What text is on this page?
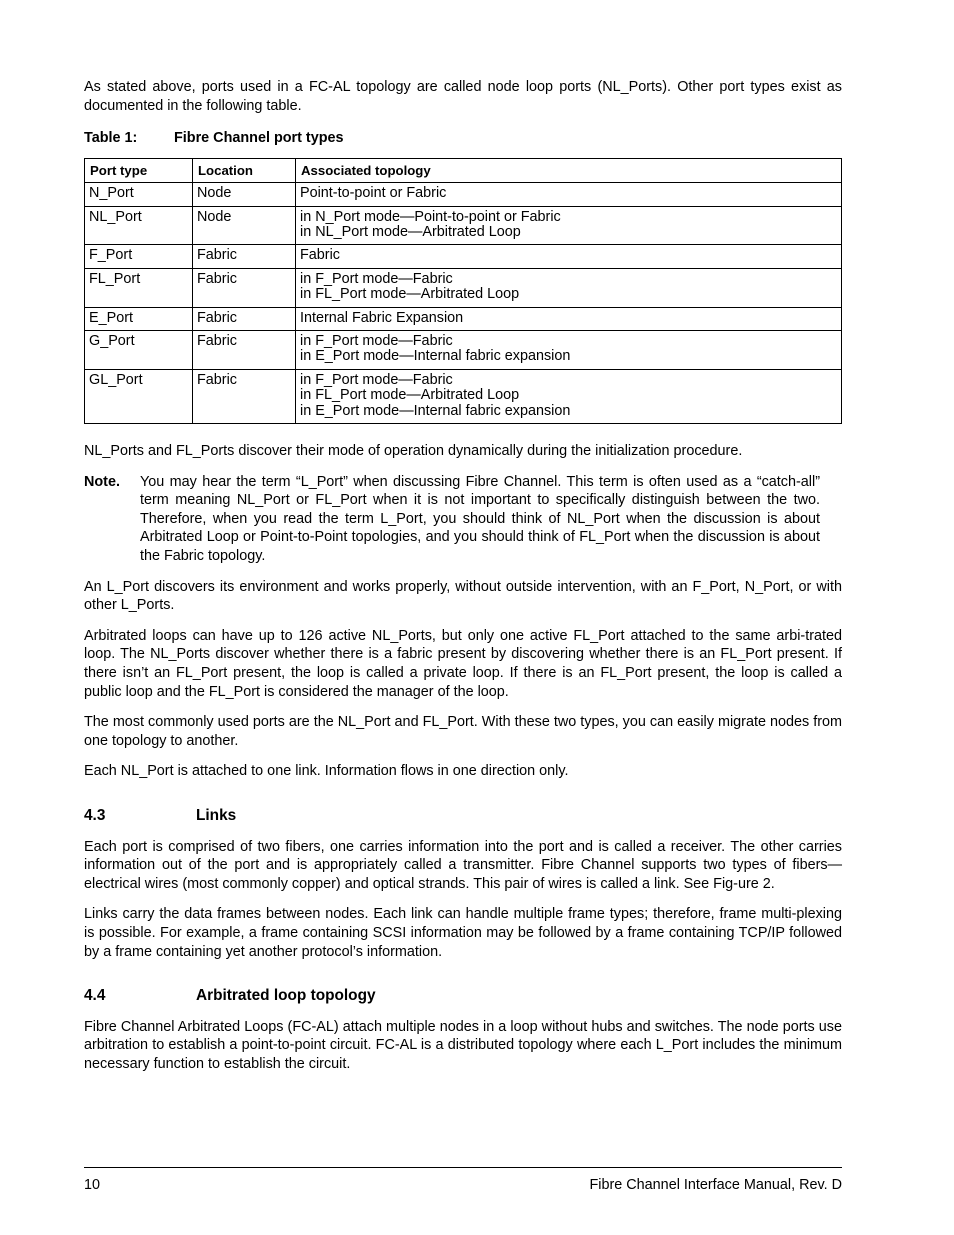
As stated above, ports used in a FC-AL topology are called node loop ports (NL_Ports). Other port types exist as documented in the following table.

Table 1:	Fibre Channel port types
Port type	Location	Associated topology
N_Port	Node	Point-to-point or Fabric

NL_Port	Node	in N_Port mode—Point-to-point or Fabric
in NL_Port mode—Arbitrated Loop

F_Port	Fabric	Fabric

FL_Port	Fabric	in F_Port mode—Fabric
in FL_Port mode—Arbitrated Loop

E_Port	Fabric	Internal Fabric Expansion

G_Port	Fabric	in F_Port mode—Fabric
in E_Port mode—Internal fabric expansion

GL_Port	Fabric	in F_Port mode—Fabric
in FL_Port mode—Arbitrated Loop
in E_Port mode—Internal fabric expansion

NL_Ports and FL_Ports discover their mode of operation dynamically during the initialization procedure.

Note.	You may hear the term “L_Port” when discussing Fibre Channel. This term is often used as a “catch-all” term meaning NL_Port or FL_Port when it is not important to specifically distinguish between the two. Therefore, when you read the term L_Port, you should think of NL_Port when the discussion is about Arbitrated Loop or Point-to-Point topologies, and you should think of FL_Port when the discussion is about the Fabric topology.

An L_Port discovers its environment and works properly, without outside intervention, with an F_Port, N_Port, or with other L_Ports.

Arbitrated loops can have up to 126 active NL_Ports, but only one active FL_Port attached to the same arbi-trated loop. The NL_Ports discover whether there is a fabric present by discovering whether there is an FL_Port present. If there isn’t an FL_Port present, the loop is called a private loop. If there is an FL_Port present, the loop is called a public loop and the FL_Port is considered the manager of the loop.

The most commonly used ports are the NL_Port and FL_Port. With these two types, you can easily migrate nodes from one topology to another.

Each NL_Port is attached to one link. Information flows in one direction only.

4.3	Links

Each port is comprised of two fibers, one carries information into the port and is called a receiver. The other carries information out of the port and is appropriately called a transmitter. Fibre Channel supports two types of fibers—electrical wires (most commonly copper) and optical strands. This pair of wires is called a link. See Fig-ure 2.

Links carry the data frames between nodes. Each link can handle multiple frame types; therefore, frame multi-plexing is possible. For example, a frame containing SCSI information may be followed by a frame containing TCP/IP followed by a frame containing yet another protocol’s information.

4.4	Arbitrated loop topology

Fibre Channel Arbitrated Loops (FC-AL) attach multiple nodes in a loop without hubs and switches. The node ports use arbitration to establish a point-to-point circuit. FC-AL is a distributed topology where each L_Port includes the minimum necessary function to establish the circuit.

10	Fibre Channel Interface Manual, Rev. D
